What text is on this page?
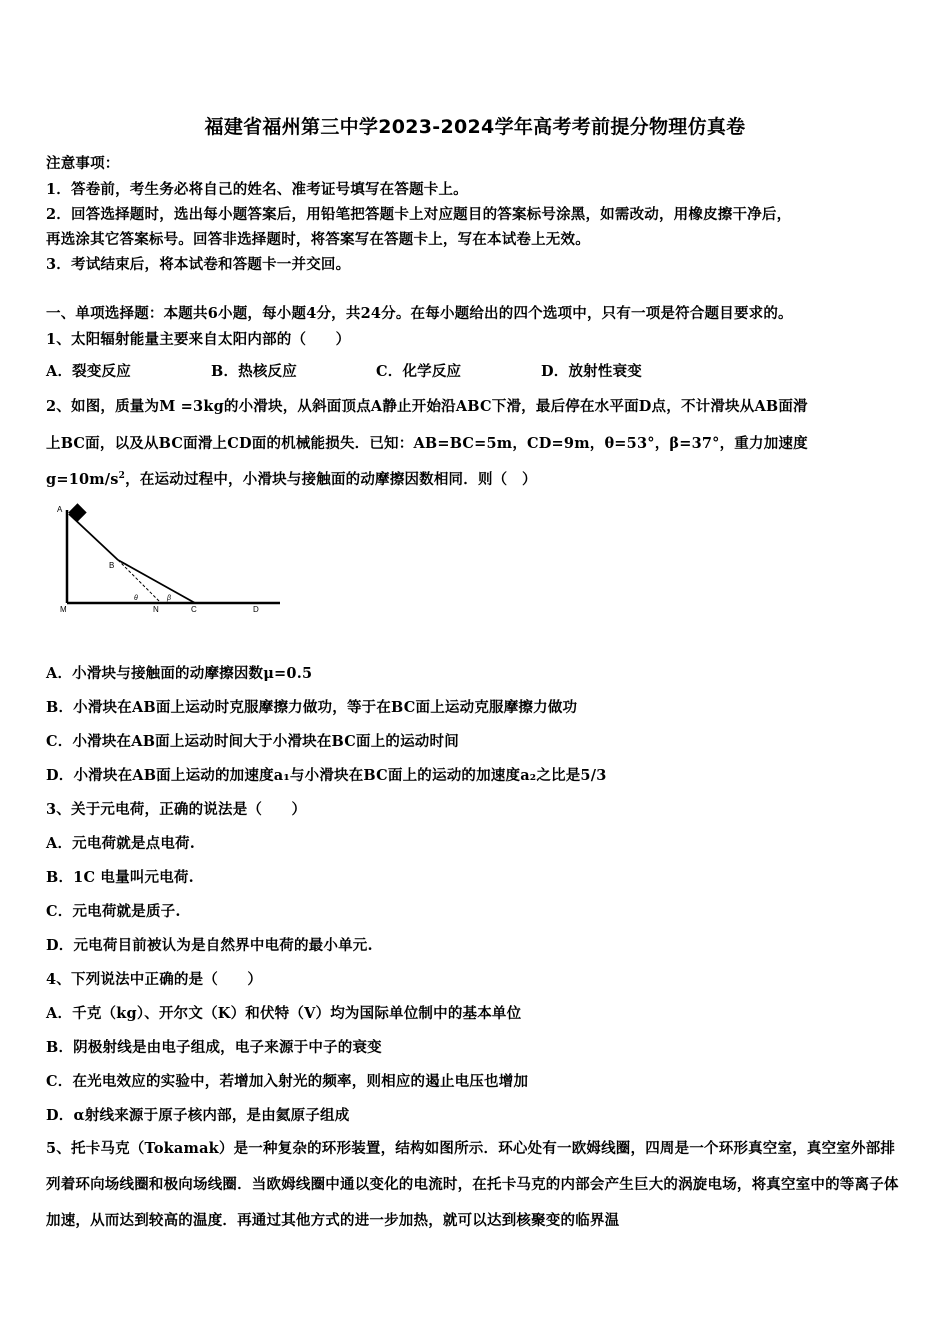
福建省福州第三中学2023-2024学年高考考前提分物理仿真卷
注意事项：
1．答卷前，考生务必将自己的姓名、准考证号填写在答题卡上。
2．回答选择题时，选出每小题答案后，用铅笔把答题卡上对应题目的答案标号涂黑，如需改动，用橡皮擦干净后，
再选涂其它答案标号。回答非选择题时，将答案写在答题卡上，写在本试卷上无效。
3．考试结束后，将本试卷和答题卡一并交回。
一、单项选择题：本题共6小题，每小题4分，共24分。在每小题给出的四个选项中，只有一项是符合题目要求的。
1、太阳辐射能量主要来自太阳内部的（　　）
A．裂变反应	B．热核反应	C．化学反应	D．放射性衰变
2、如图，质量为M =3kg的小滑块，从斜面顶点A静止开始沿ABC下滑，最后停在水平面D点，不计滑块从AB面滑
上BC面，以及从BC面滑上CD面的机械能损失．已知：AB=BC=5m，CD=9m，θ=53°，β=37°，重力加速度
$g=10m/s^2$，在运动过程中，小滑块与接触面的动摩擦因数相同．则（　）
A
B
M	N	C	D
θ	β
A．小滑块与接触面的动摩擦因数μ=0.5
B．小滑块在AB面上运动时克服摩擦力做功，等于在BC面上运动克服摩擦力做功
C．小滑块在AB面上运动时间大于小滑块在BC面上的运动时间
D．小滑块在AB面上运动的加速度a₁与小滑块在BC面上的运动的加速度a₂之比是5/3
3、关于元电荷，正确的说法是（　　）
A．元电荷就是点电荷.
B．1C 电量叫元电荷.
C．元电荷就是质子.
D．元电荷目前被认为是自然界中电荷的最小单元.
4、下列说法中正确的是（　　）
A．千克（kg）、开尔文（K）和伏特（V）均为国际单位制中的基本单位
B．阴极射线是由电子组成，电子来源于中子的衰变
C．在光电效应的实验中，若增加入射光的频率，则相应的遏止电压也增加
D．α射线来源于原子核内部，是由氦原子组成
5、托卡马克（Tokamak）是一种复杂的环形装置，结构如图所示．环心处有一欧姆线圈，四周是一个环形真空室，真空室外部排列着环向场线圈和极向场线圈．当欧姆线圈中通以变化的电流时，在托卡马克的内部会产生巨大的涡旋电场，将真空室中的等离子体加速，从而达到较高的温度．再通过其他方式的进一步加热，就可以达到核聚变的临界温
